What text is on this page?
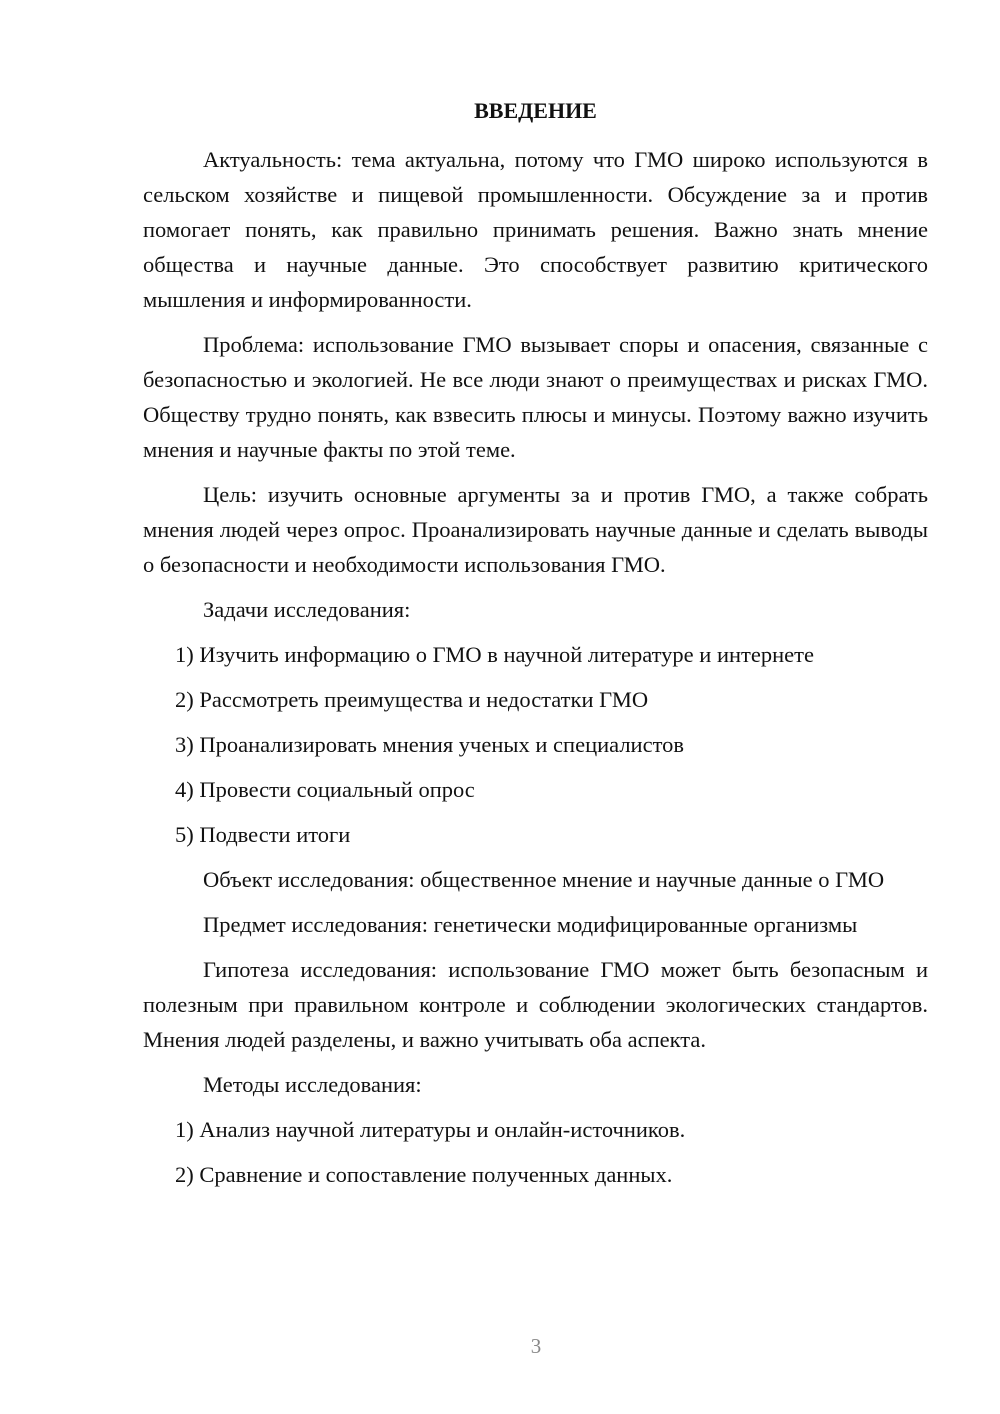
ВВЕДЕНИЕ

Актуальность: тема актуальна, потому что ГМО широко используются в сельском хозяйстве и пищевой промышленности. Обсуждение за и против помогает понять, как правильно принимать решения. Важно знать мнение общества и научные данные. Это способствует развитию критического мышления и информированности.

Проблема: использование ГМО вызывает споры и опасения, связанные с безопасностью и экологией. Не все люди знают о преимуществах и рисках ГМО. Обществу трудно понять, как взвесить плюсы и минусы. Поэтому важно изучить мнения и научные факты по этой теме.

Цель: изучить основные аргументы за и против ГМО, а также собрать мнения людей через опрос. Проанализировать научные данные и сделать выводы о безопасности и необходимости использования ГМО.

Задачи исследования:

1) Изучить информацию о ГМО в научной литературе и интернете

2) Рассмотреть преимущества и недостатки ГМО

3) Проанализировать мнения ученых и специалистов

4) Провести социальный опрос

5) Подвести итоги

Объект исследования: общественное мнение и научные данные о ГМО

Предмет исследования: генетически модифицированные организмы

Гипотеза исследования: использование ГМО может быть безопасным и полезным при правильном контроле и соблюдении экологических стандартов. Мнения людей разделены, и важно учитывать оба аспекта.

Методы исследования:

1) Анализ научной литературы и онлайн-источников.

2) Сравнение и сопоставление полученных данных.

3
